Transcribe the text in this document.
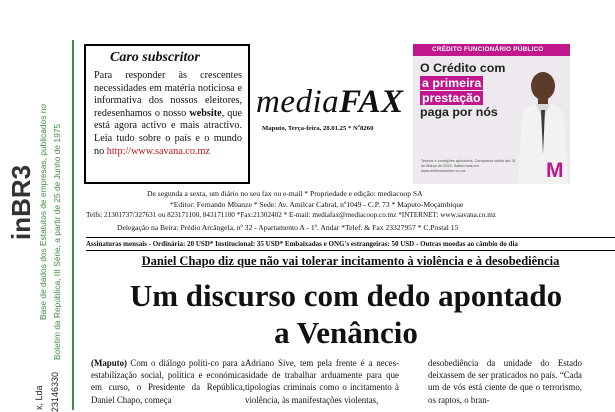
inBR3 Base de dados dos Estatutos de empresas, publicados no Boletim da República, III Série, a partir de 25 de Junho de 1975
x, Lda 23146330
Caro subscritor
Para responder às crescentes necessidades em matéria noticiosa e informativa dos nossos eleitores, redesenhamos o nosso website, que está agora activo e mais atractivo. Leia tudo sobre o país e o mundo no http://www.savana.co.mz
mediaFAX
Maputo, Terça-feira, 28.01.25 * Nº8260
CRÉDITO FUNCIONÁRIO PÚBLICO
O Crédito com
a primeira
prestação
paga por nós
Termos e condições aplicáveis. Campanha válida até 31 de Março de 2025. Saiba mais em www.millenniumbim.co.mz	M
De segunda a sexta, um diário no seu fax ou e-mail * Propriedade e edição: mediacoop SA
*Editor: Fernando Mbanze * Sede: Av. Amilcar Cabral, nº1049 - C.P. 73 * Maputo-Moçambique
Telfs: 21301737/327631 ou 823171100, 843171100 *Fax:21302402 * E-mail: mediafax@mediacoop.co.mz *INTERNET: www.savana.co.mz
Delegação na Beira: Prédio Arcângela, nº 32 - Apartamento A - 1º. Andar *Telef. & Fax 23327957 * C.Postal 15
Assinaturas mensais - Ordinária: 20 USD* Institucional: 35 USD* Embaixadas e ONG's estrangeiras: 50 USD - Outras moedas ao câmbio do dia
Daniel Chapo diz que não vai tolerar incitamento à violência e à desobediência
Um discurso com dedo apontado
a Venâncio
(Maputo) Com o diálogo políti-co para a estabilização social, política e económica em curso, o Presidente da República, Daniel Chapo, começa
Adriano Sive, tem pela frente é a neces-sidade de trabalhar arduamente para que tipologias criminais como o incitamento à violência, às manifestações violentas,
desobediência da unidade do Estado deixassem de ser praticados no país. “Cada um de vós está ciente de que o terrorismo, os raptos, o bran-
